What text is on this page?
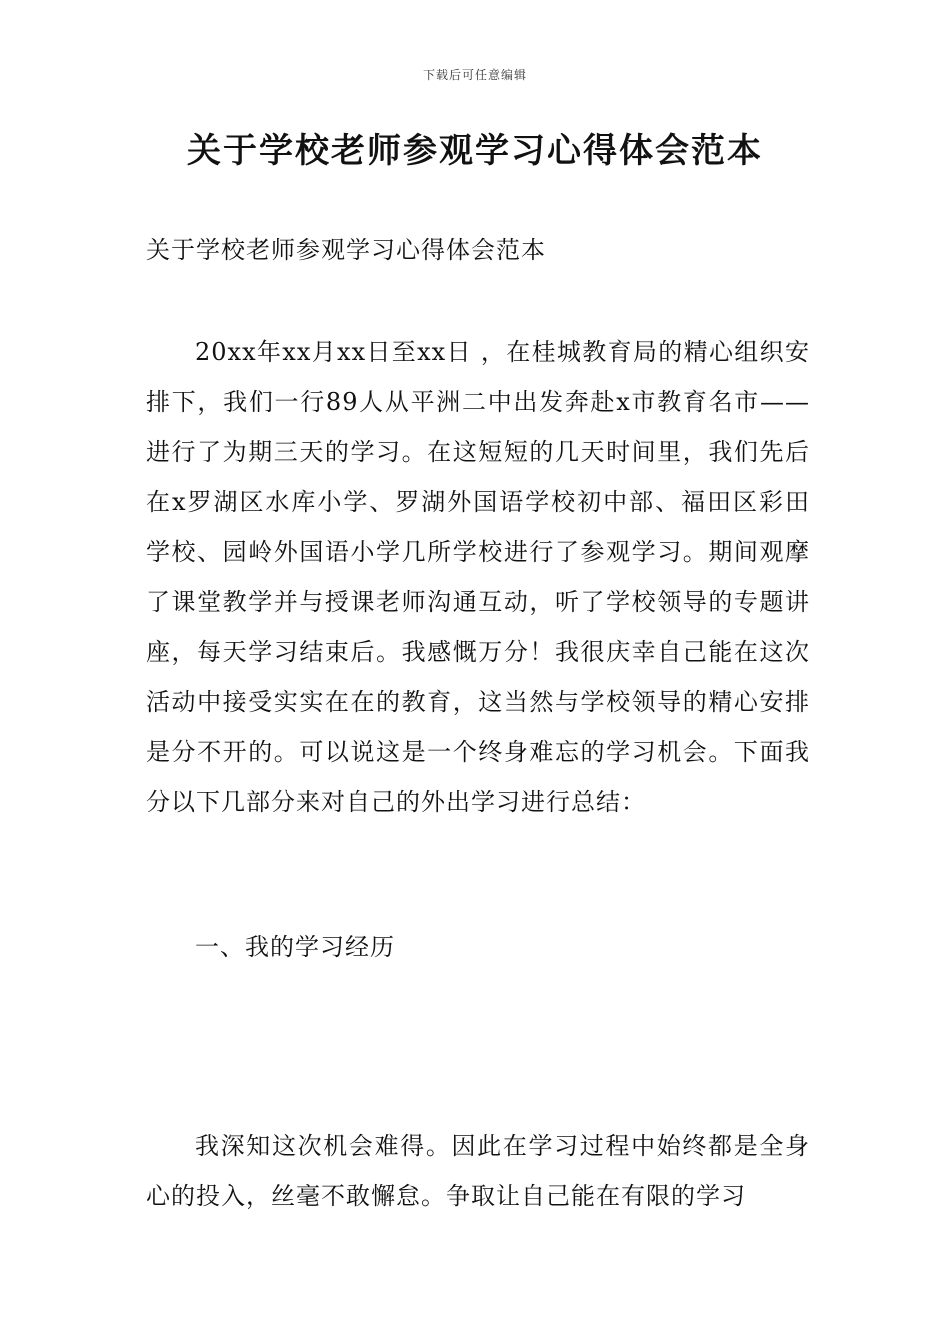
下载后可任意编辑
关于学校老师参观学习心得体会范本

关于学校老师参观学习心得体会范本

20xx年xx月xx日至xx日 ，在桂城教育局的精心组织安排下，我们一行89人从平洲二中出发奔赴x市教育名市——进行了为期三天的学习。在这短短的几天时间里，我们先后在x罗湖区水库小学、罗湖外国语学校初中部、福田区彩田学校、园岭外国语小学几所学校进行了参观学习。期间观摩了课堂教学并与授课老师沟通互动，听了学校领导的专题讲座，每天学习结束后。我感慨万分！我很庆幸自己能在这次活动中接受实实在在的教育，这当然与学校领导的精心安排是分不开的。可以说这是一个终身难忘的学习机会。下面我分以下几部分来对自己的外出学习进行总结：

一、我的学习经历

我深知这次机会难得。因此在学习过程中始终都是全身心的投入，丝毫不敢懈怠。争取让自己能在有限的学习
